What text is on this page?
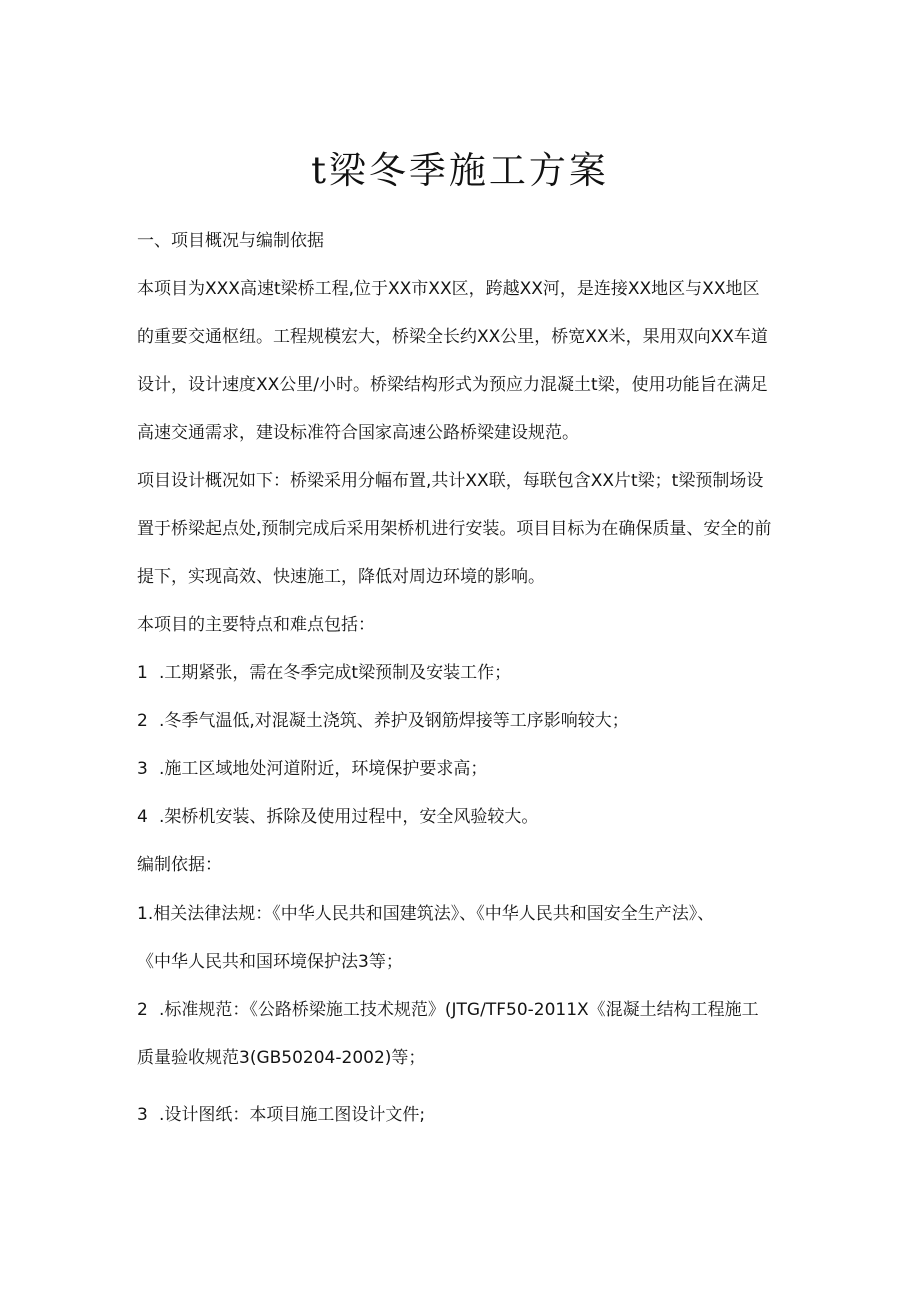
t梁冬季施工方案
一、项目概况与编制依据
本项目为XXX高速t梁桥工程,位于XX市XX区，跨越XX河，是连接XX地区与XX地区
的重要交通枢纽。工程规模宏大，桥梁全长约XX公里，桥宽XX米，果用双向XX车道
设计，设计速度XX公里/小时。桥梁结构形式为预应力混凝土t梁，使用功能旨在满足
高速交通需求，建设标准符合国家高速公路桥梁建设规范。
项目设计概况如下：桥梁采用分幅布置,共计XX联，每联包含XX片t梁；t梁预制场设
置于桥梁起点处,预制完成后采用架桥机进行安装。项目目标为在确保质量、安全的前
提下，实现高效、快速施工，降低对周边环境的影响。
本项目的主要特点和难点包括：
1 .工期紧张，需在冬季完成t梁预制及安装工作；
2 .冬季气温低,对混凝土浇筑、养护及钢筋焊接等工序影响较大；
3 .施工区域地处河道附近，环境保护要求高；
4 .架桥机安装、拆除及使用过程中，安全风验较大。
编制依据：
1.相关法律法规：《中华人民共和国建筑法》、《中华人民共和国安全生产法》、
《中华人民共和国环境保护法3等；
2 .标准规范：《公路桥梁施工技术规范》(JTG/TF50-2011X《混凝土结构工程施工
质量验收规范3(GB50204-2002)等；
3 .设计图纸：本项目施工图设计文件;
